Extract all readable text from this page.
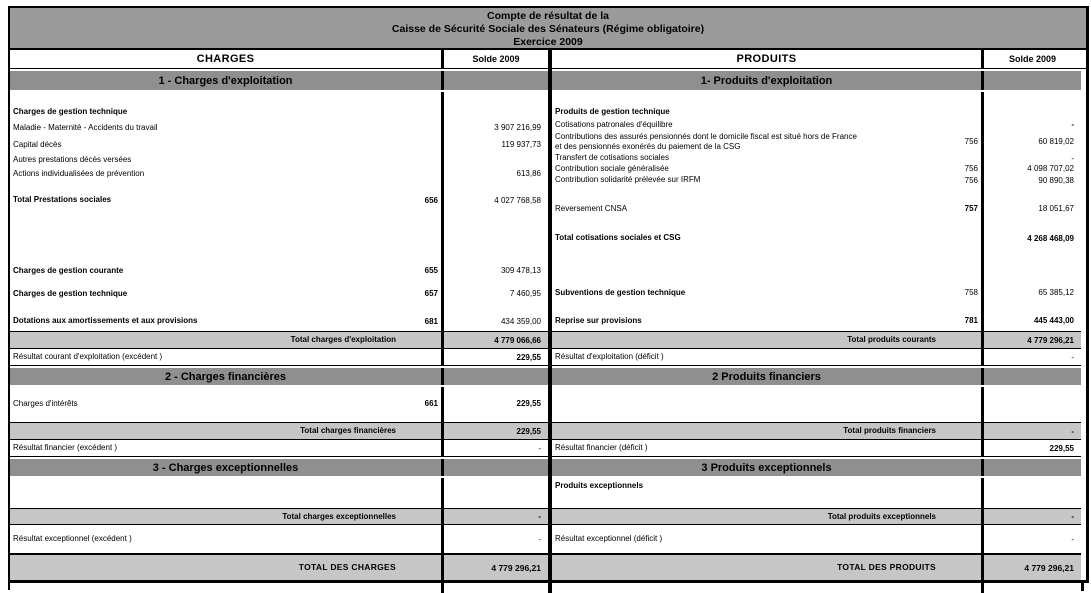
Compte de résultat de la
Caisse de Sécurité Sociale des Sénateurs (Régime obligatoire)
Exercice 2009
CHARGES	Solde 2009	PRODUITS	Solde 2009
1 - Charges d'exploitation
Charges de gestion technique
Maladie - Maternité - Accidents du travail	3 907 216,99
Capital décès	119 937,73
Autres prestations décès versées
Actions individualisées de prévention	613,86
Total Prestations sociales	656	4 027 768,58
Charges de gestion courante	655	309 478,13
Charges de gestion technique	657	7 460,95
Dotations aux amortissements et aux provisions	681	434 359,00
Total charges d'exploitation	4 779 066,66
Résultat courant d'exploitation (excédent )	229,55
2 - Charges financières
Charges d'intérêts	661	229,55
Total charges financières	229,55
Résultat financier (excédent )	-
3 - Charges exceptionnelles
Total charges exceptionnelles	-
Résultat exceptionnel (excédent )	-
TOTAL DES CHARGES	4 779 296,21
1- Produits d'exploitation
Produits de gestion technique
Cotisations patronales d'équilibre	-
Contributions des assurés pensionnés dont le domicile fiscal est situé hors de France
et des pensionnés exonérés du paiement de la CSG	756	60 819,02
Transfert de cotisations sociales	-
Contribution sociale généralisée	756	4 098 707,02
Contribution solidarité prélevée sur IRFM	756	90 890,38
Reversement CNSA	757	18 051,67
Total cotisations sociales et CSG	4 268 468,09
Subventions de gestion technique	758	65 385,12
Reprise sur provisions	781	445 443,00
Total produits courants	4 779 296,21
Résultat d'exploitation (déficit )	-
2 Produits financiers
Total produits financiers	-
Résultat financier (déficit )	229,55
3 Produits exceptionnels
Produits exceptionnels
Total produits exceptionnels	-
Résultat exceptionnel (déficit )	-
TOTAL DES PRODUITS	4 779 296,21
